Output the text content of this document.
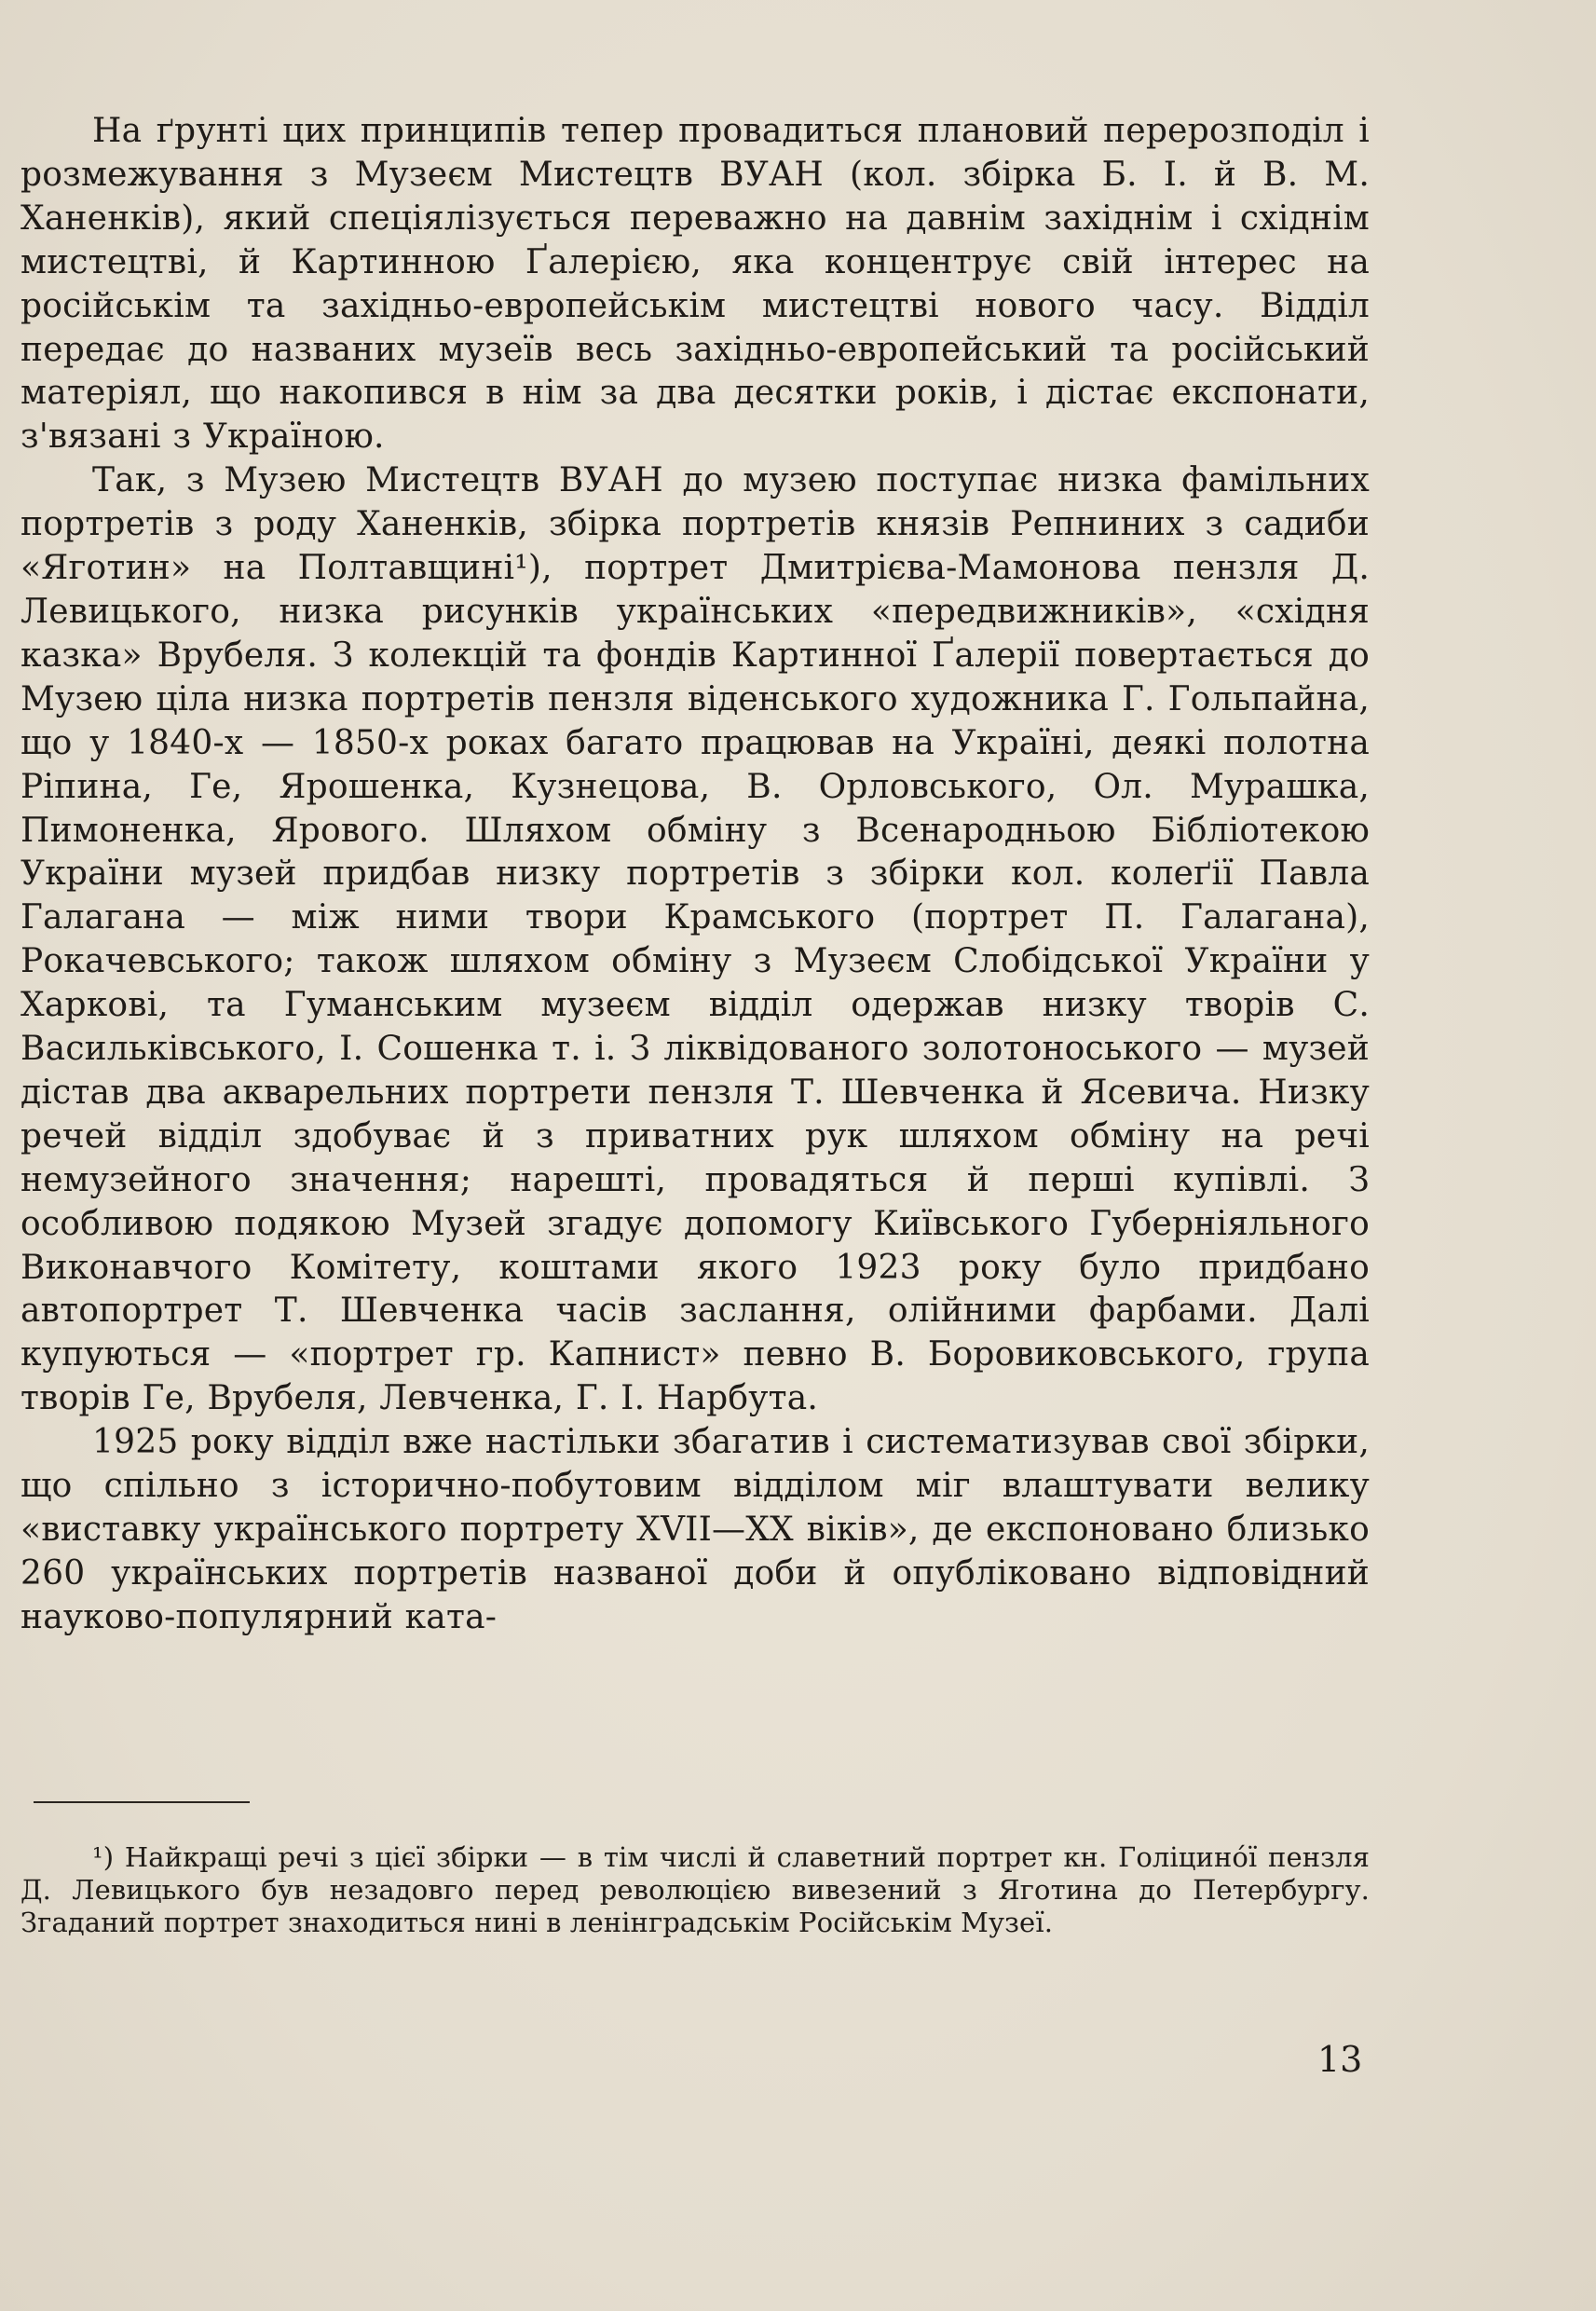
На ґрунті цих принципів тепер провадиться плановий перерозподіл і розмежування з Музеєм Мистецтв ВУАН (кол. збірка Б. І. й В. М. Ханенків), який спеціялізується переважно на давнім західнім і східнім мистецтві, й Картинною Ґалерією, яка концентрує свій інтерес на російськім та західньо-европейськім мистецтві нового часу. Відділ передає до названих музеїв весь західньо-европейський та російський матеріял, що накопився в нім за два десятки років, і дістає експонати, з'вязані з Україною.

Так, з Музею Мистецтв ВУАН до музею поступає низка фамільних портретів з роду Ханенків, збірка портретів князів Репниних з садиби «Яготин» на Полтавщині¹), портрет Дмитрієва-Мамонова пензля Д. Левицького, низка рисунків українських «передвижників», «східня казка» Врубеля. З колекцій та фондів Картинної Ґалерії повертається до Музею ціла низка портретів пензля віденського художника Г. Гольпайна, що у 1840-х — 1850-х роках багато працював на Україні, деякі полотна Ріпина, Ге, Ярошенка, Кузнецова, В. Орловського, Ол. Мурашка, Пимоненка, Ярового. Шляхом обміну з Всенародньою Бібліотекою України музей придбав низку портретів з збірки кол. колеґії Павла Галагана — між ними твори Крамського (портрет П. Галагана), Рокачевського; також шляхом обміну з Музеєм Слобідської України у Харкові, та Гуманським музеєм відділ одержав низку творів С. Васильківського, І. Сошенка т. і. З ліквідованого золотоноського — музей дістав два акварельних портрети пензля Т. Шевченка й Ясевича. Низку речей відділ здобуває й з приватних рук шляхом обміну на речі немузейного значення; нарешті, провадяться й перші купівлі. З особливою подякою Музей згадує допомогу Київського Губерніяльного Виконавчого Комітету, коштами якого 1923 року було придбано автопортрет Т. Шевченка часів заслання, олійними фарбами. Далі купуються — «портрет гр. Капнист» певно В. Боровиковського, група творів Ге, Врубеля, Левченка, Г. І. Нарбута.

1925 року відділ вже настільки збагатив і систематизував свої збірки, що спільно з історично-побутовим відділом міг влаштувати велику «виставку українського портрету XVII—XX віків», де експоновано близько 260 українських портретів названої доби й опубліковано відповідний науково-популярний ката-

¹) Найкращі речі з цієї збірки — в тім числі й славетний портрет кн. Голіцино́ї пензля Д. Левицького був незадовго перед революцією вивезений з Яготина до Петербургу. Згаданий портрет знаходиться нині в ленінградськім Російськім Музеї.

13
